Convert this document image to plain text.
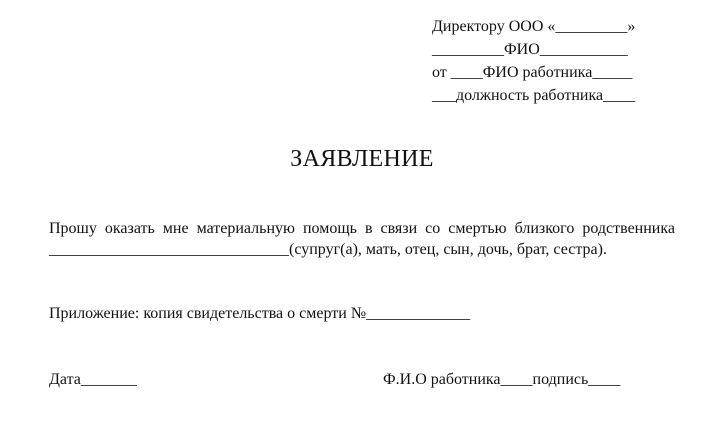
Директору ООО «_________»
_________ФИО___________
от ____ФИО работника_____
___должность работника____
ЗАЯВЛЕНИЕ
Прошу оказать мне материальную помощь в связи со смертью близкого родственника ______________________________(супруг(а), мать, отец, сын, дочь, брат, сестра).
Приложение: копия свидетельства о смерти №_____________
Дата_______	Ф.И.О работника____подпись____
